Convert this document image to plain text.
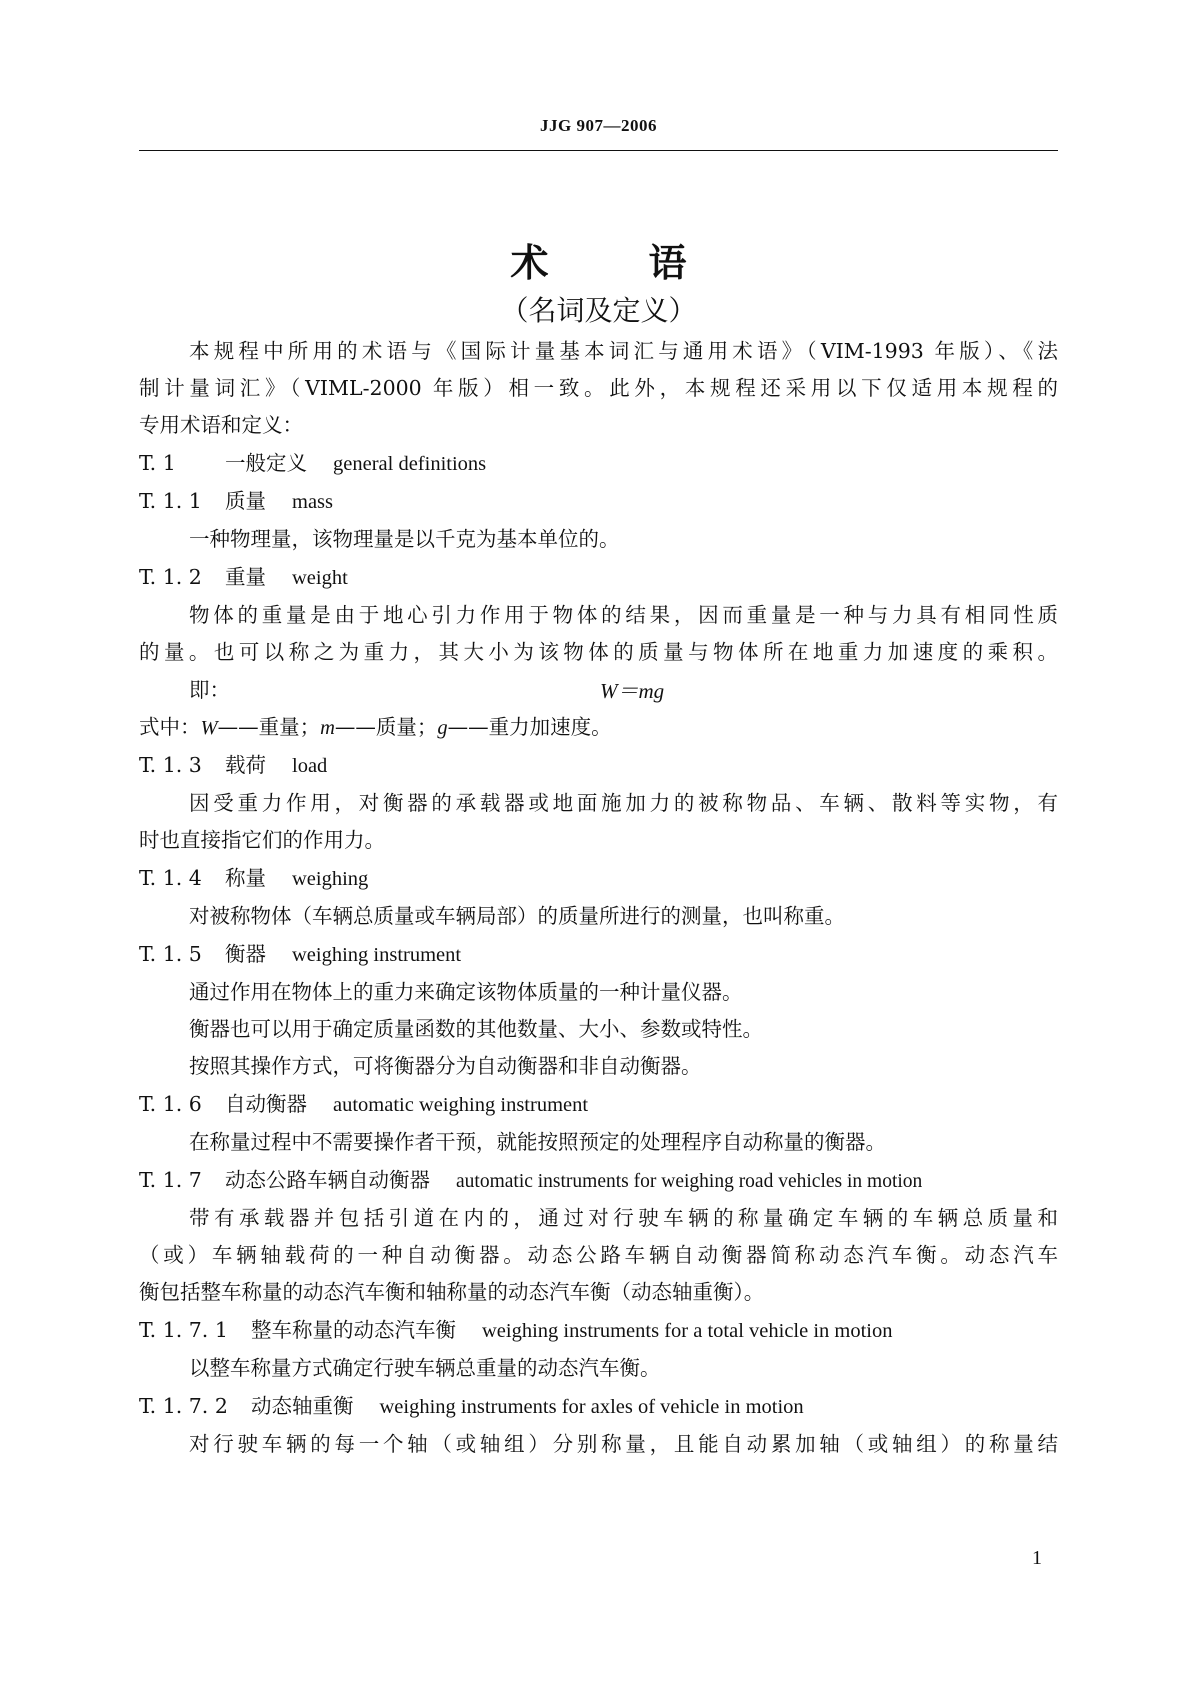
JJG 907—2006
术	语
（名词及定义）
本规程中所用的术语与《国际计量基本词汇与通用术语》（VIM-1993 年版）、《法
制计量词汇》（VIML-2000 年版）相一致。此外，本规程还采用以下仅适用本规程的
专用术语和定义：
T. 1 一般定义 general definitions
T. 1. 1 质量 mass
一种物理量，该物理量是以千克为基本单位的。
T. 1. 2 重量 weight
物体的重量是由于地心引力作用于物体的结果，因而重量是一种与力具有相同性质
的量。也可以称之为重力，其大小为该物体的质量与物体所在地重力加速度的乘积。
即：	W＝mg
式中：W——重量；m——质量；g——重力加速度。
T. 1. 3 载荷 load
因受重力作用，对衡器的承载器或地面施加力的被称物品、车辆、散料等实物，有
时也直接指它们的作用力。
T. 1. 4 称量 weighing
对被称物体（车辆总质量或车辆局部）的质量所进行的测量，也叫称重。
T. 1. 5 衡器 weighing instrument
通过作用在物体上的重力来确定该物体质量的一种计量仪器。
衡器也可以用于确定质量函数的其他数量、大小、参数或特性。
按照其操作方式，可将衡器分为自动衡器和非自动衡器。
T. 1. 6 自动衡器 automatic weighing instrument
在称量过程中不需要操作者干预，就能按照预定的处理程序自动称量的衡器。
T. 1. 7 动态公路车辆自动衡器 automatic instruments for weighing road vehicles in motion
带有承载器并包括引道在内的，通过对行驶车辆的称量确定车辆的车辆总质量和
（或）车辆轴载荷的一种自动衡器。动态公路车辆自动衡器简称动态汽车衡。动态汽车
衡包括整车称量的动态汽车衡和轴称量的动态汽车衡（动态轴重衡）。
T. 1. 7. 1 整车称量的动态汽车衡 weighing instruments for a total vehicle in motion
以整车称量方式确定行驶车辆总重量的动态汽车衡。
T. 1. 7. 2 动态轴重衡 weighing instruments for axles of vehicle in motion
对行驶车辆的每一个轴（或轴组）分别称量，且能自动累加轴（或轴组）的称量结
1
